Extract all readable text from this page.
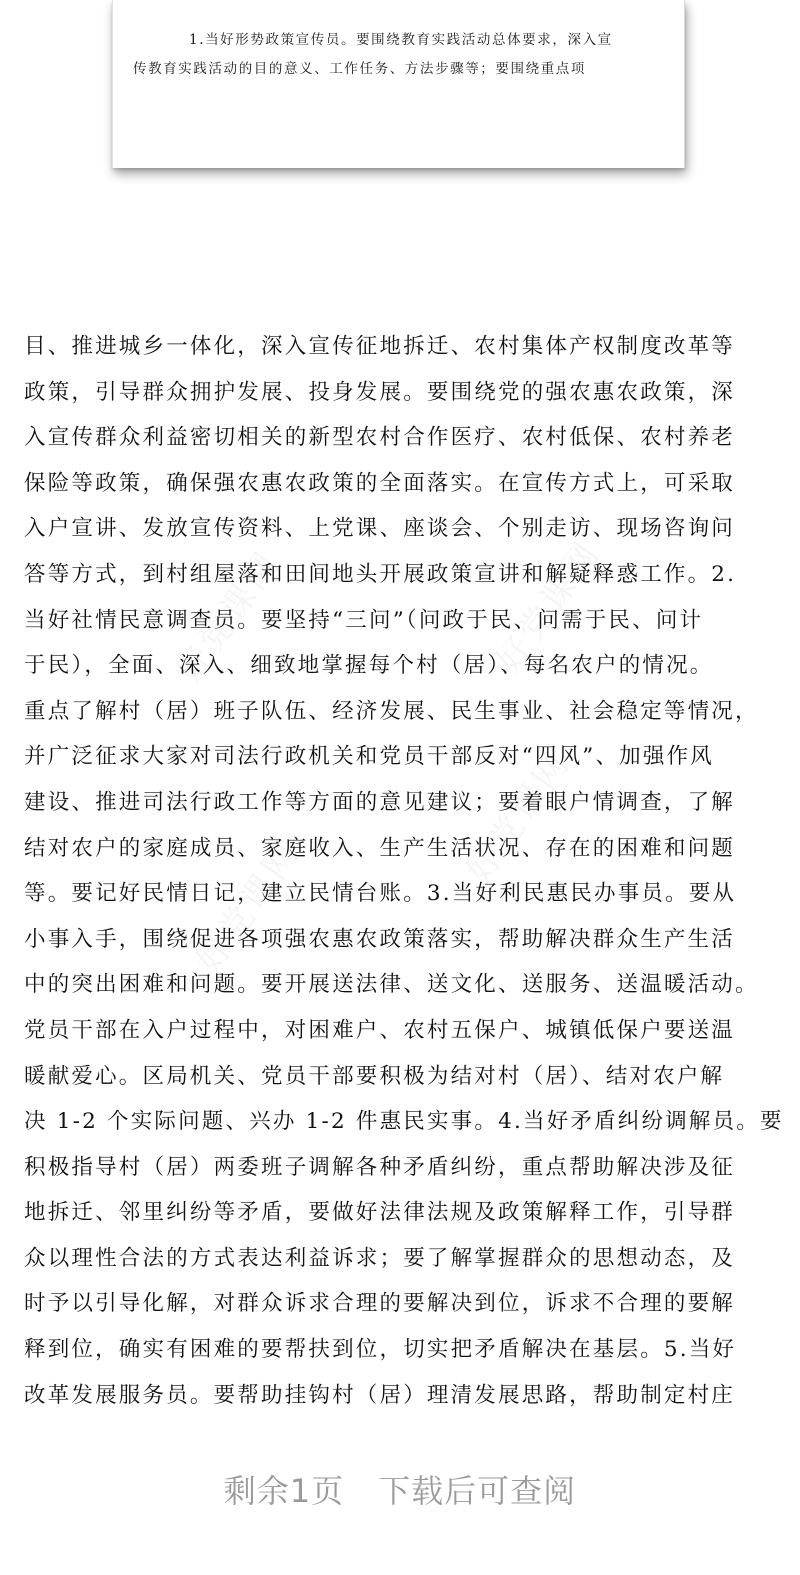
1.当好形势政策宣传员。要围绕教育实践活动总体要求，深入宣
传教育实践活动的目的意义、工作任务、方法步骤等；要围绕重点项
好党课网	好党课网
好党课网
好党课网
目、推进城乡一体化，深入宣传征地拆迁、农村集体产权制度改革等
政策，引导群众拥护发展、投身发展。要围绕党的强农惠农政策，深
入宣传群众利益密切相关的新型农村合作医疗、农村低保、农村养老
保险等政策，确保强农惠农政策的全面落实。在宣传方式上，可采取
入户宣讲、发放宣传资料、上党课、座谈会、个别走访、现场咨询问
答等方式，到村组屋落和田间地头开展政策宣讲和解疑释惑工作。2.
当好社情民意调查员。要坚持“三问”（问政于民、问需于民、问计
于民），全面、深入、细致地掌握每个村（居）、每名农户的情况。
重点了解村（居）班子队伍、经济发展、民生事业、社会稳定等情况，
并广泛征求大家对司法行政机关和党员干部反对“四风”、加强作风
建设、推进司法行政工作等方面的意见建议；要着眼户情调查，了解
结对农户的家庭成员、家庭收入、生产生活状况、存在的困难和问题
等。要记好民情日记，建立民情台账。3.当好利民惠民办事员。要从
小事入手，围绕促进各项强农惠农政策落实，帮助解决群众生产生活
中的突出困难和问题。要开展送法律、送文化、送服务、送温暖活动。
党员干部在入户过程中，对困难户、农村五保户、城镇低保户要送温
暖献爱心。区局机关、党员干部要积极为结对村（居）、结对农户解
决 1-2 个实际问题、兴办 1-2 件惠民实事。4.当好矛盾纠纷调解员。要
积极指导村（居）两委班子调解各种矛盾纠纷，重点帮助解决涉及征
地拆迁、邻里纠纷等矛盾，要做好法律法规及政策解释工作，引导群
众以理性合法的方式表达利益诉求；要了解掌握群众的思想动态，及
时予以引导化解，对群众诉求合理的要解决到位，诉求不合理的要解
释到位，确实有困难的要帮扶到位，切实把矛盾解决在基层。5.当好
改革发展服务员。要帮助挂钩村（居）理清发展思路，帮助制定村庄
剩余1页 下载后可查阅
